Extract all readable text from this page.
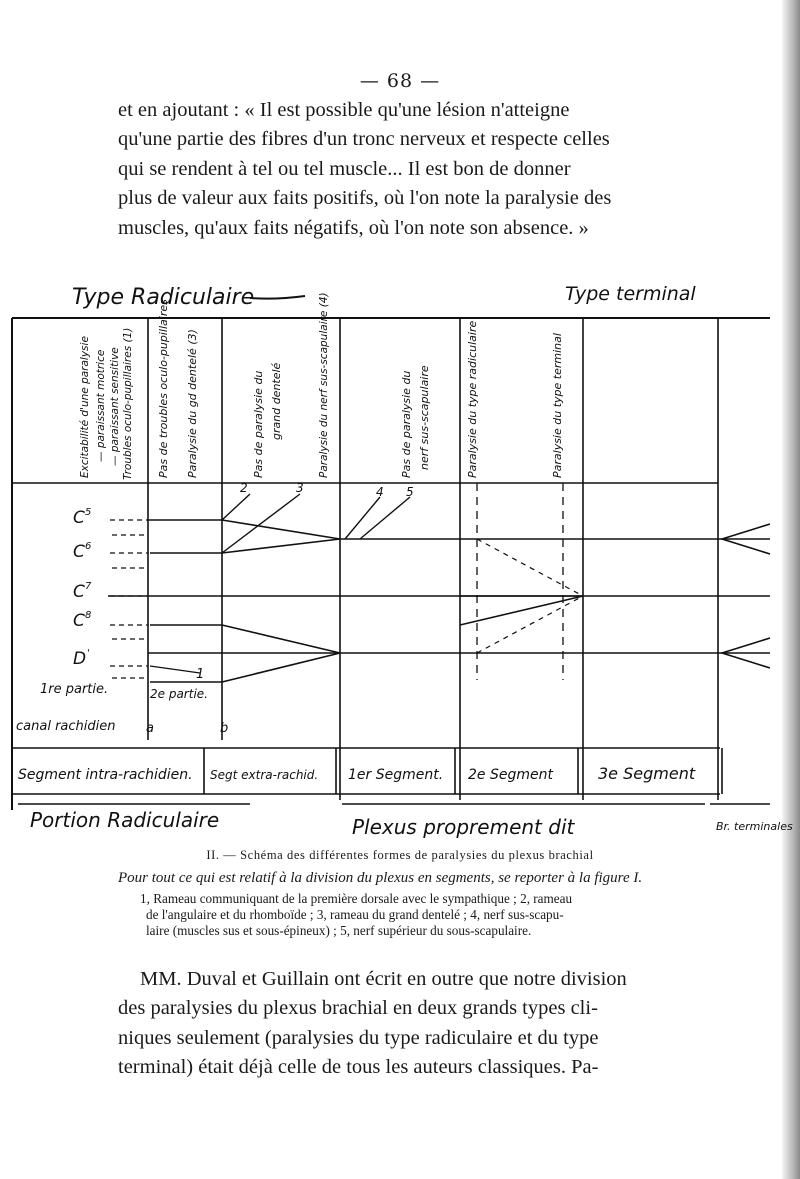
— 68 —
et en ajoutant : « Il est possible qu'une lésion n'atteigne
qu'une partie des fibres d'un tronc nerveux et respecte celles
qui se rendent à tel ou tel muscle... Il est bon de donner
plus de valeur aux faits positifs, où l'on note la paralysie des
muscles, qu'aux faits négatifs, où l'on note son absence. »
Type Radiculaire	Type terminal
C 5
C 6
C 7
C 8
D '
2	3	4 5
1
1re partie.	2e partie.
canal rachidien a	b
Segment intra-rachidien. Segt extra-rachid. 1er Segment. 2e Segment	3e Segment
Portion Radiculaire	Plexus proprement dit	Br. terminales
Excitabilité d'une paralysie — paraissant motrice — paraissant sensitive Troubles oculo-pupillaires (1) Pas de troubles oculo-pupillaires Paralysie du gd dentelé (3)	Pas de paralysie du grand dentelé	Paralysie du nerf sus-scapulaire (4)	Pas de paralysie du nerf sus-scapulaire	Paralysie du type radiculaire	Paralysie du type terminal
II. — Schéma des différentes formes de paralysies du plexus brachial
Pour tout ce qui est relatif à la division du plexus en segments, se reporter à la figure I.
1, Rameau communiquant de la première dorsale avec le sympathique ; 2, rameau
de l'angulaire et du rhomboïde ; 3, rameau du grand dentelé ; 4, nerf sus-scapu-
laire (muscles sus et sous-épineux) ; 5, nerf supérieur du sous-scapulaire.
MM. Duval et Guillain ont écrit en outre que notre division
des paralysies du plexus brachial en deux grands types cli-
niques seulement (paralysies du type radiculaire et du type
terminal) était déjà celle de tous les auteurs classiques. Pa-
